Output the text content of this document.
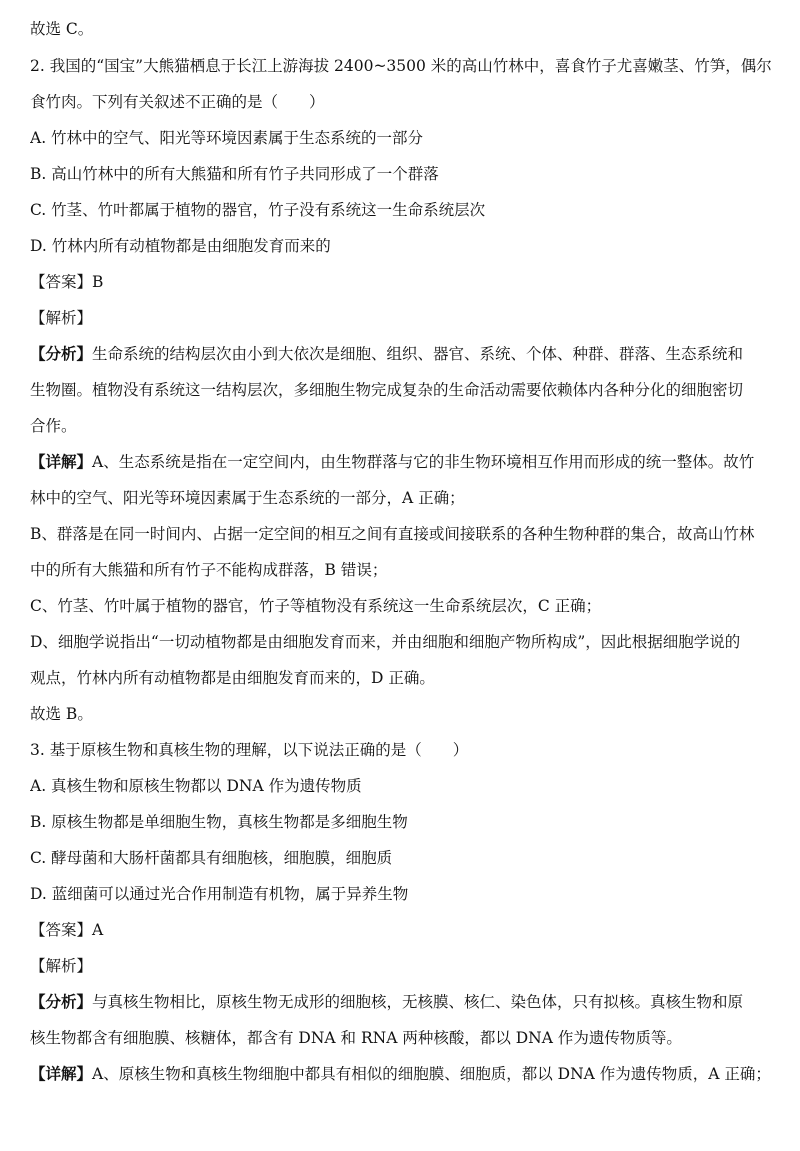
故选 C。
2. 我国的“国宝”大熊猫栖息于长江上游海拔 2400~3500 米的高山竹林中，喜食竹子尤喜嫩茎、竹笋，偶尔
食竹肉。下列有关叙述不正确的是（　　）
A. 竹林中的空气、阳光等环境因素属于生态系统的一部分
B. 高山竹林中的所有大熊猫和所有竹子共同形成了一个群落
C. 竹茎、竹叶都属于植物的器官，竹子没有系统这一生命系统层次
D. 竹林内所有动植物都是由细胞发育而来的
【答案】B
【解析】
【分析】生命系统的结构层次由小到大依次是细胞、组织、器官、系统、个体、种群、群落、生态系统和
生物圈。植物没有系统这一结构层次，多细胞生物完成复杂的生命活动需要依赖体内各种分化的细胞密切
合作。
【详解】A、生态系统是指在一定空间内，由生物群落与它的非生物环境相互作用而形成的统一整体。故竹
林中的空气、阳光等环境因素属于生态系统的一部分，A 正确；
B、群落是在同一时间内、占据一定空间的相互之间有直接或间接联系的各种生物种群的集合，故高山竹林
中的所有大熊猫和所有竹子不能构成群落，B 错误；
C、竹茎、竹叶属于植物的器官，竹子等植物没有系统这一生命系统层次，C 正确；
D、细胞学说指出“一切动植物都是由细胞发育而来，并由细胞和细胞产物所构成”，因此根据细胞学说的
观点，竹林内所有动植物都是由细胞发育而来的，D 正确。
故选 B。
3. 基于原核生物和真核生物的理解，以下说法正确的是（　　）
A. 真核生物和原核生物都以 DNA 作为遗传物质
B. 原核生物都是单细胞生物，真核生物都是多细胞生物
C. 酵母菌和大肠杆菌都具有细胞核，细胞膜，细胞质
D. 蓝细菌可以通过光合作用制造有机物，属于异养生物
【答案】A
【解析】
【分析】与真核生物相比，原核生物无成形的细胞核，无核膜、核仁、染色体，只有拟核。真核生物和原
核生物都含有细胞膜、核糖体，都含有 DNA 和 RNA 两种核酸，都以 DNA 作为遗传物质等。
【详解】A、原核生物和真核生物细胞中都具有相似的细胞膜、细胞质，都以 DNA 作为遗传物质，A 正确；
